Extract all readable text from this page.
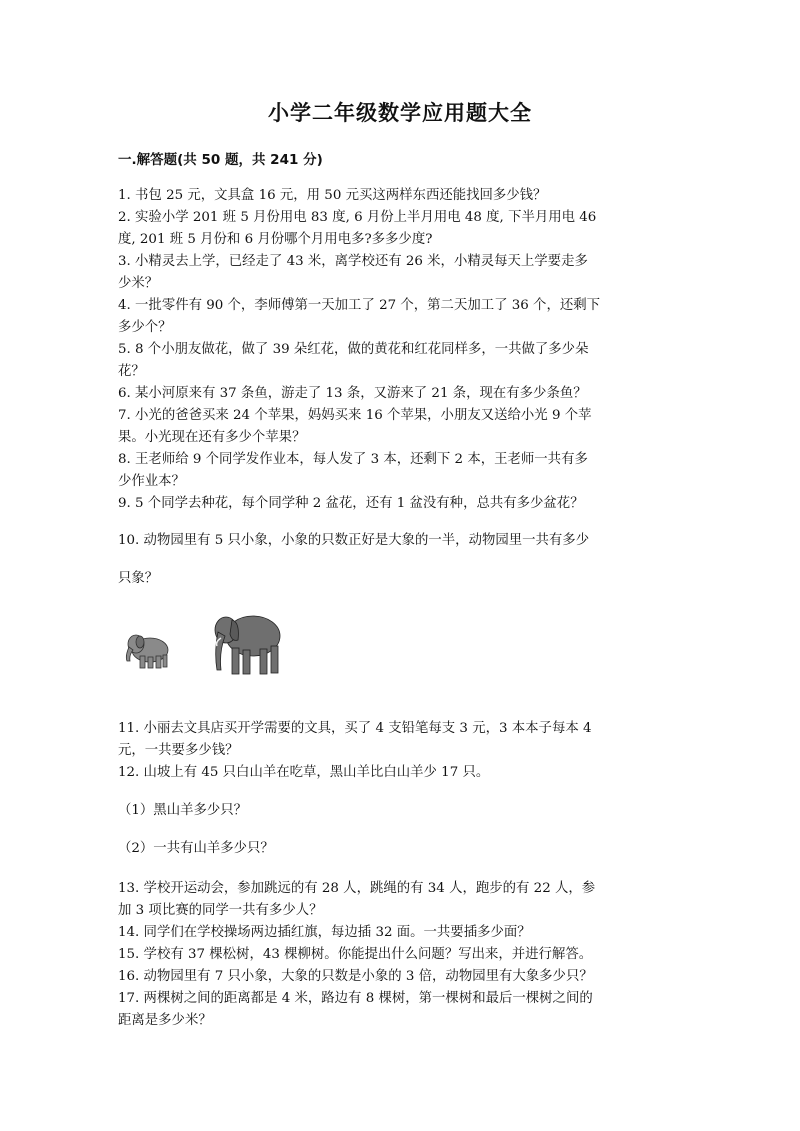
小学二年级数学应用题大全
一.解答题(共 50 题，共 241 分)

1. 书包 25 元，文具盒 16 元，用 50 元买这两样东西还能找回多少钱？

2. 实验小学 201 班 5 月份用电 83 度, 6 月份上半月用电 48 度, 下半月用电 46

度, 201 班 5 月份和 6 月份哪个月用电多?多多少度?

3. 小精灵去上学，已经走了 43 米，离学校还有 26 米，小精灵每天上学要走多

少米？

4. 一批零件有 90 个，李师傅第一天加工了 27 个，第二天加工了 36 个，还剩下

多少个？

5. 8 个小朋友做花，做了 39 朵红花，做的黄花和红花同样多，一共做了多少朵

花？

6. 某小河原来有 37 条鱼，游走了 13 条，又游来了 21 条，现在有多少条鱼？

7. 小光的爸爸买来 24 个苹果，妈妈买来 16 个苹果，小朋友又送给小光 9 个苹

果。小光现在还有多少个苹果？

8. 王老师给 9 个同学发作业本，每人发了 3 本，还剩下 2 本，王老师一共有多

少作业本？

9. 5 个同学去种花，每个同学种 2 盆花，还有 1 盆没有种，总共有多少盆花？

10. 动物园里有 5 只小象，小象的只数正好是大象的一半，动物园里一共有多少

只象？

11. 小丽去文具店买开学需要的文具，买了 4 支铅笔每支 3 元，3 本本子每本 4

元，一共要多少钱？

12. 山坡上有 45 只白山羊在吃草，黑山羊比白山羊少 17 只。

（1）黑山羊多少只？

（2）一共有山羊多少只？

13. 学校开运动会，参加跳远的有 28 人，跳绳的有 34 人，跑步的有 22 人，参

加 3 项比赛的同学一共有多少人？

14. 同学们在学校操场两边插红旗，每边插 32 面。一共要插多少面？

15. 学校有 37 棵松树，43 棵柳树。你能提出什么问题？写出来，并进行解答。

16. 动物园里有 7 只小象，大象的只数是小象的 3 倍，动物园里有大象多少只？

17. 两棵树之间的距离都是 4 米，路边有 8 棵树，第一棵树和最后一棵树之间的

距离是多少米？
